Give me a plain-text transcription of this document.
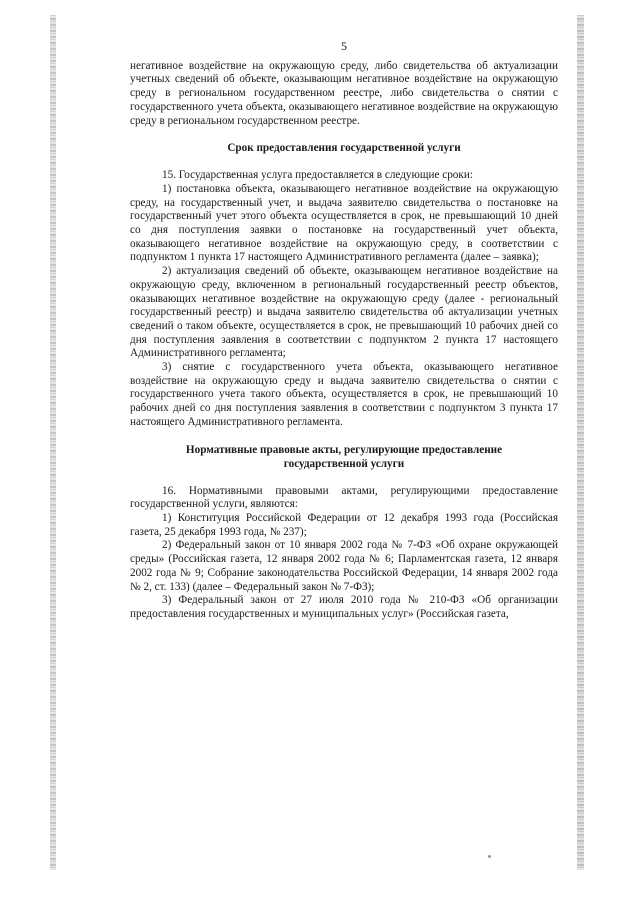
5

негативное воздействие на окружающую среду, либо свидетельства об актуализации учетных сведений об объекте, оказывающим негативное воздействие на окружающую среду в региональном государственном реестре, либо свидетельства о снятии с государственного учета объекта, оказывающего негативное воздействие на окружающую среду в региональном государственном реестре.

Срок предоставления государственной услуги

15. Государственная услуга предоставляется в следующие сроки:

1) постановка объекта, оказывающего негативное воздействие на окружающую среду, на государственный учет, и выдача заявителю свидетельства о постановке на государственный учет этого объекта осуществляется в срок, не превышающий 10 дней со дня поступления заявки о постановке на государственный учет объекта, оказывающего негативное воздействие на окружающую среду, в соответствии с подпунктом 1 пункта 17 настоящего Административного регламента (далее – заявка);

2) актуализация сведений об объекте, оказывающем негативное воздействие на окружающую среду, включенном в региональный государственный реестр объектов, оказывающих негативное воздействие на окружающую среду (далее - региональный государственный реестр) и выдача заявителю свидетельства об актуализации учетных сведений о таком объекте, осуществляется в срок, не превышающий 10 рабочих дней со дня поступления заявления в соответствии с подпунктом 2 пункта 17 настоящего Административного регламента;

3) снятие с государственного учета объекта, оказывающего негативное воздействие на окружающую среду и выдача заявителю свидетельства о снятии с государственного учета такого объекта, осуществляется в срок, не превышающий 10 рабочих дней со дня поступления заявления в соответствии с подпунктом 3 пункта 17 настоящего Административного регламента.

Нормативные правовые акты, регулирующие предоставление
государственной услуги

16. Нормативными правовыми актами, регулирующими предоставление государственной услуги, являются:

1) Конституция Российской Федерации от 12 декабря 1993 года (Российская газета, 25 декабря 1993 года, № 237);

2) Федеральный закон от 10 января 2002 года № 7-ФЗ «Об охране окружающей среды» (Российская газета, 12 января 2002 года № 6; Парламентская газета, 12 января 2002 года № 9; Собрание законодательства Российской Федерации, 14 января 2002 года № 2, ст. 133) (далее – Федеральный закон № 7-ФЗ);

3) Федеральный закон от 27 июля 2010 года № 210-ФЗ «Об организации предоставления государственных и муниципальных услуг» (Российская газета,
